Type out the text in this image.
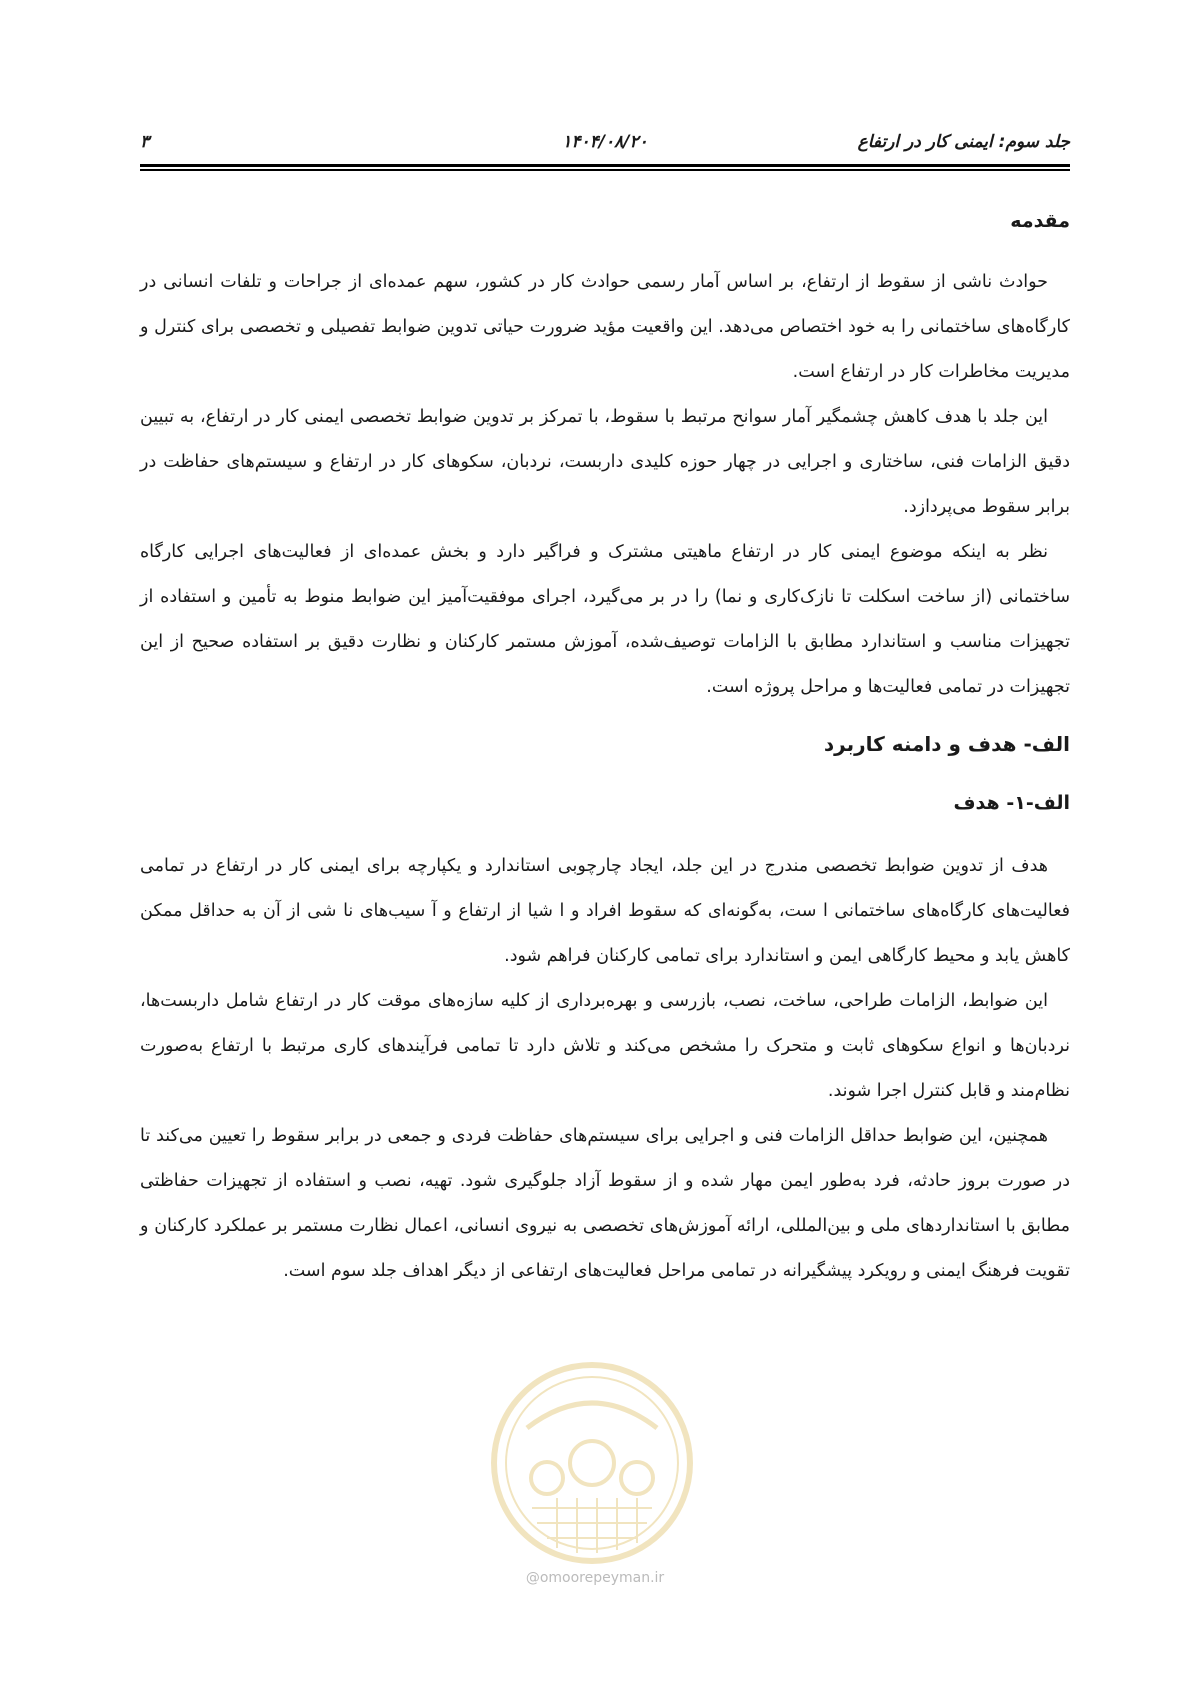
جلد سوم: ایمنی کار در ارتفاع
۱۴۰۴/۰۸/۲۰
۳
مقدمه

حوادث ناشی از سقوط از ارتفاع، بر اساس آمار رسمی حوادث کار در کشور، سهم عمده‌ای از جراحات و تلفات انسانی در کارگاه‌های ساختمانی را به خود اختصاص می‌دهد. این واقعیت مؤید ضرورت حیاتی تدوین ضوابط تفصیلی و تخصصی برای کنترل و مدیریت مخاطرات کار در ارتفاع است.

این جلد با هدف کاهش چشمگیر آمار سوانح مرتبط با سقوط، با تمرکز بر تدوین ضوابط تخصصی ایمنی کار در ارتفاع، به تبیین دقیق الزامات فنی، ساختاری و اجرایی در چهار حوزه کلیدی داربست، نردبان، سکوهای کار در ارتفاع و سیستم‌های حفاظت در برابر سقوط می‌پردازد.

نظر به اینکه موضوع ایمنی کار در ارتفاع ماهیتی مشترک و فراگیر دارد و بخش عمده‌ای از فعالیت‌های اجرایی کارگاه ساختمانی (از ساخت اسکلت تا نازک‌کاری و نما) را در بر می‌گیرد، اجرای موفقیت‌آمیز این ضوابط منوط به تأمین و استفاده از تجهیزات مناسب و استاندارد مطابق با الزامات توصیف‌شده، آموزش مستمر کارکنان و نظارت دقیق بر استفاده صحیح از این تجهیزات در تمامی فعالیت‌ها و مراحل پروژه است.

الف- هدف و دامنه کاربرد
الف-۱- هدف

هدف از تدوین ضوابط تخصصی مندرج در این جلد، ایجاد چارچوبی استاندارد و یکپارچه برای ایمنی کار در ارتفاع در تمامی فعالیت‌های کارگاه‌های ساختمانی ا ست، به‌گونه‌ای که سقوط افراد و ا شیا از ارتفاع و آ سیب‌های نا شی از آن به حداقل ممکن کاهش یابد و محیط کارگاهی ایمن و استاندارد برای تمامی کارکنان فراهم شود.

این ضوابط، الزامات طراحی، ساخت، نصب، بازرسی و بهره‌برداری از کلیه سازه‌های موقت کار در ارتفاع شامل داربست‌ها، نردبان‌ها و انواع سکوهای ثابت و متحرک را مشخص می‌کند و تلاش دارد تا تمامی فرآیندهای کاری مرتبط با ارتفاع به‌صورت نظام‌مند و قابل کنترل اجرا شوند.

همچنین، این ضوابط حداقل الزامات فنی و اجرایی برای سیستم‌های حفاظت فردی و جمعی در برابر سقوط را تعیین می‌کند تا در صورت بروز حادثه، فرد به‌طور ایمن مهار شده و از سقوط آزاد جلوگیری شود. تهیه، نصب و استفاده از تجهیزات حفاظتی مطابق با استانداردهای ملی و بین‌المللی، ارائه آموزش‌های تخصصی به نیروی انسانی، اعمال نظارت مستمر بر عملکرد کارکنان و تقویت فرهنگ ایمنی و رویکرد پیشگیرانه در تمامی مراحل فعالیت‌های ارتفاعی از دیگر اهداف جلد سوم است.

@omoorepeyman.ir
